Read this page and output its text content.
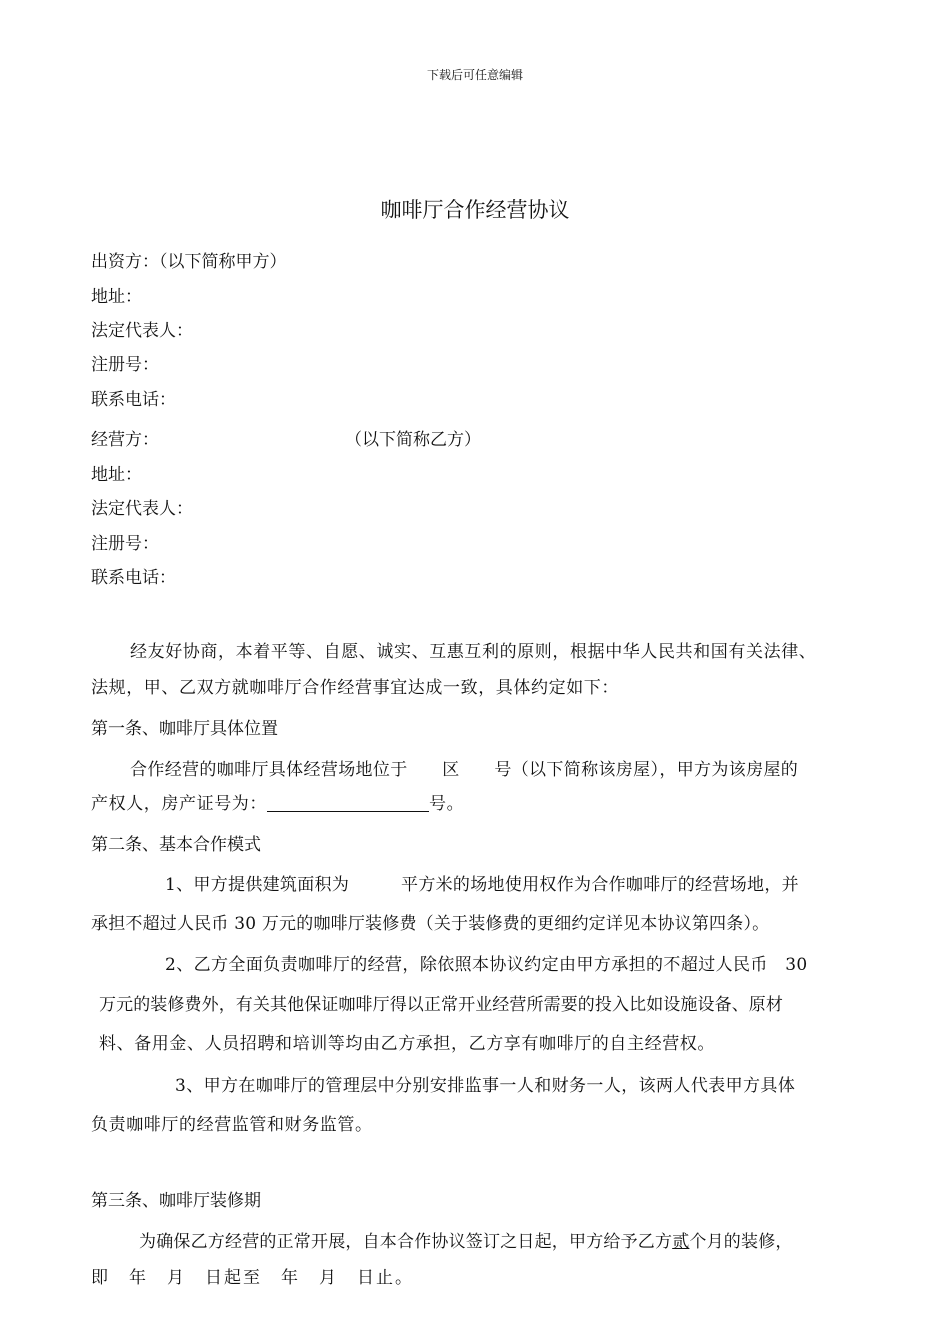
下载后可任意编辑
咖啡厅合作经营协议
出资方：（以下简称甲方）
地址：
法定代表人：
注册号：
联系电话：
经营方：	（以下简称乙方）
地址：
法定代表人：
注册号：
联系电话：
经友好协商，本着平等、自愿、诚实、互惠互利的原则，根据中华人民共和国有关法律、
法规，甲、乙双方就咖啡厅合作经营事宜达成一致，具体约定如下：
第一条、咖啡厅具体位置
合作经营的咖啡厅具体经营场地位于　　区　　号（以下简称该房屋），甲方为该房屋的
产权人，房产证号为：	号。
第二条、基本合作模式
1、甲方提供建筑面积为　　　平方米的场地使用权作为合作咖啡厅的经营场地，并
承担不超过人民币 30 万元的咖啡厅装修费（关于装修费的更细约定详见本协议第四条）。
2、乙方全面负责咖啡厅的经营，除依照本协议约定由甲方承担的不超过人民币　30
万元的装修费外，有关其他保证咖啡厅得以正常开业经营所需要的投入比如设施设备、原材
料、备用金、人员招聘和培训等均由乙方承担，乙方享有咖啡厅的自主经营权。
3、甲方在咖啡厅的管理层中分别安排监事一人和财务一人，该两人代表甲方具体
负责咖啡厅的经营监管和财务监管。
第三条、咖啡厅装修期
为确保乙方经营的正常开展，自本合作协议签订之日起，甲方给予乙方贰个月的装修，
即　年　月　日起至　年　月　日止。
